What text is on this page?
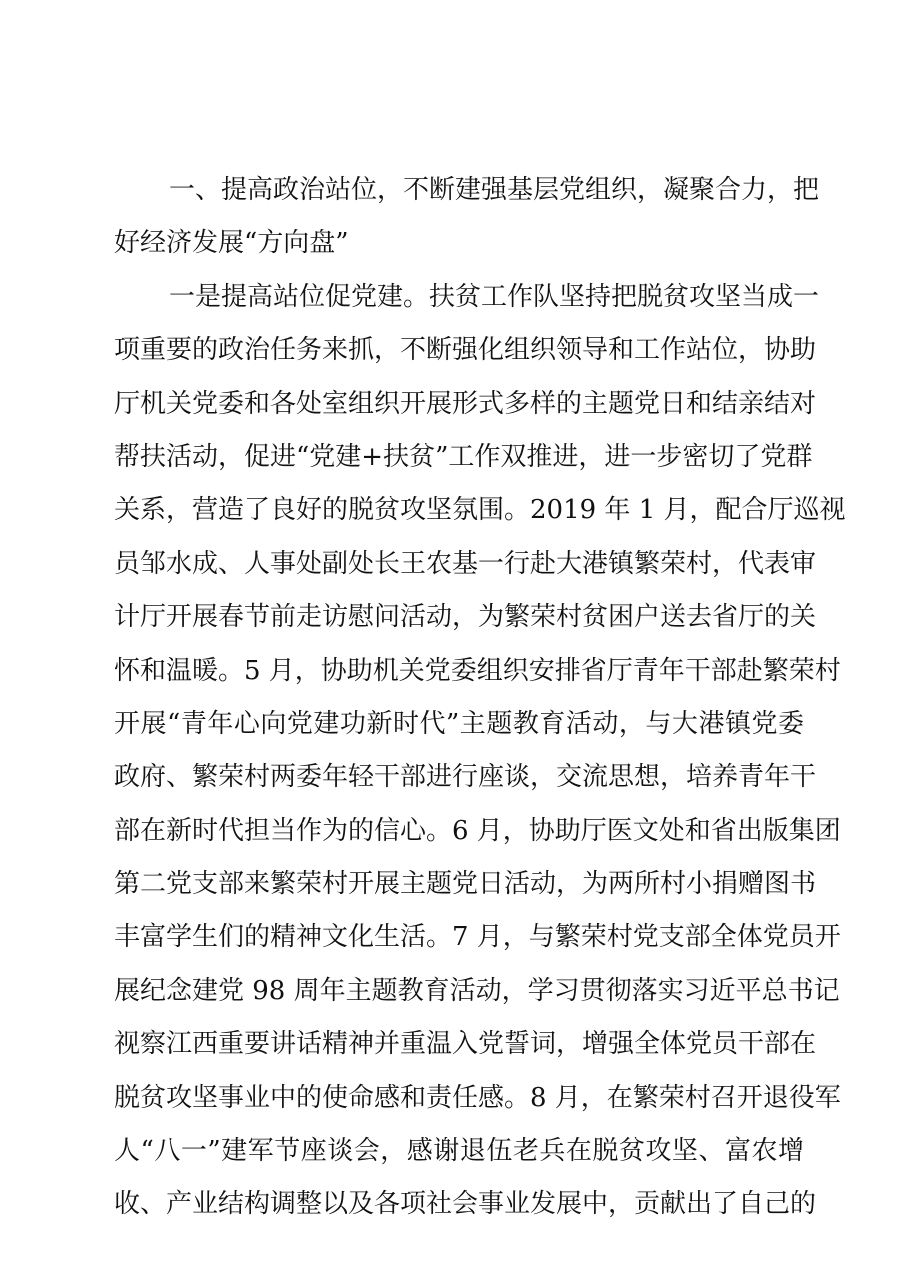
一、提高政治站位，不断建强基层党组织，凝聚合力，把
好经济发展“方向盘”
一是提高站位促党建。扶贫工作队坚持把脱贫攻坚当成一
项重要的政治任务来抓，不断强化组织领导和工作站位，协助
厅机关党委和各处室组织开展形式多样的主题党日和结亲结对
帮扶活动，促进“党建+扶贫”工作双推进，进一步密切了党群
关系，营造了良好的脱贫攻坚氛围。2019 年 1 月，配合厅巡视
员邹水成、人事处副处长王农基一行赴大港镇繁荣村，代表审
计厅开展春节前走访慰问活动，为繁荣村贫困户送去省厅的关
怀和温暖。5 月，协助机关党委组织安排省厅青年干部赴繁荣村
开展“青年心向党建功新时代”主题教育活动，与大港镇党委
政府、繁荣村两委年轻干部进行座谈，交流思想，培养青年干
部在新时代担当作为的信心。6 月，协助厅医文处和省出版集团
第二党支部来繁荣村开展主题党日活动，为两所村小捐赠图书
丰富学生们的精神文化生活。7 月，与繁荣村党支部全体党员开
展纪念建党 98 周年主题教育活动，学习贯彻落实习近平总书记
视察江西重要讲话精神并重温入党誓词，增强全体党员干部在
脱贫攻坚事业中的使命感和责任感。8 月，在繁荣村召开退役军
人“八一”建军节座谈会，感谢退伍老兵在脱贫攻坚、富农增
收、产业结构调整以及各项社会事业发展中，贡献出了自己的
